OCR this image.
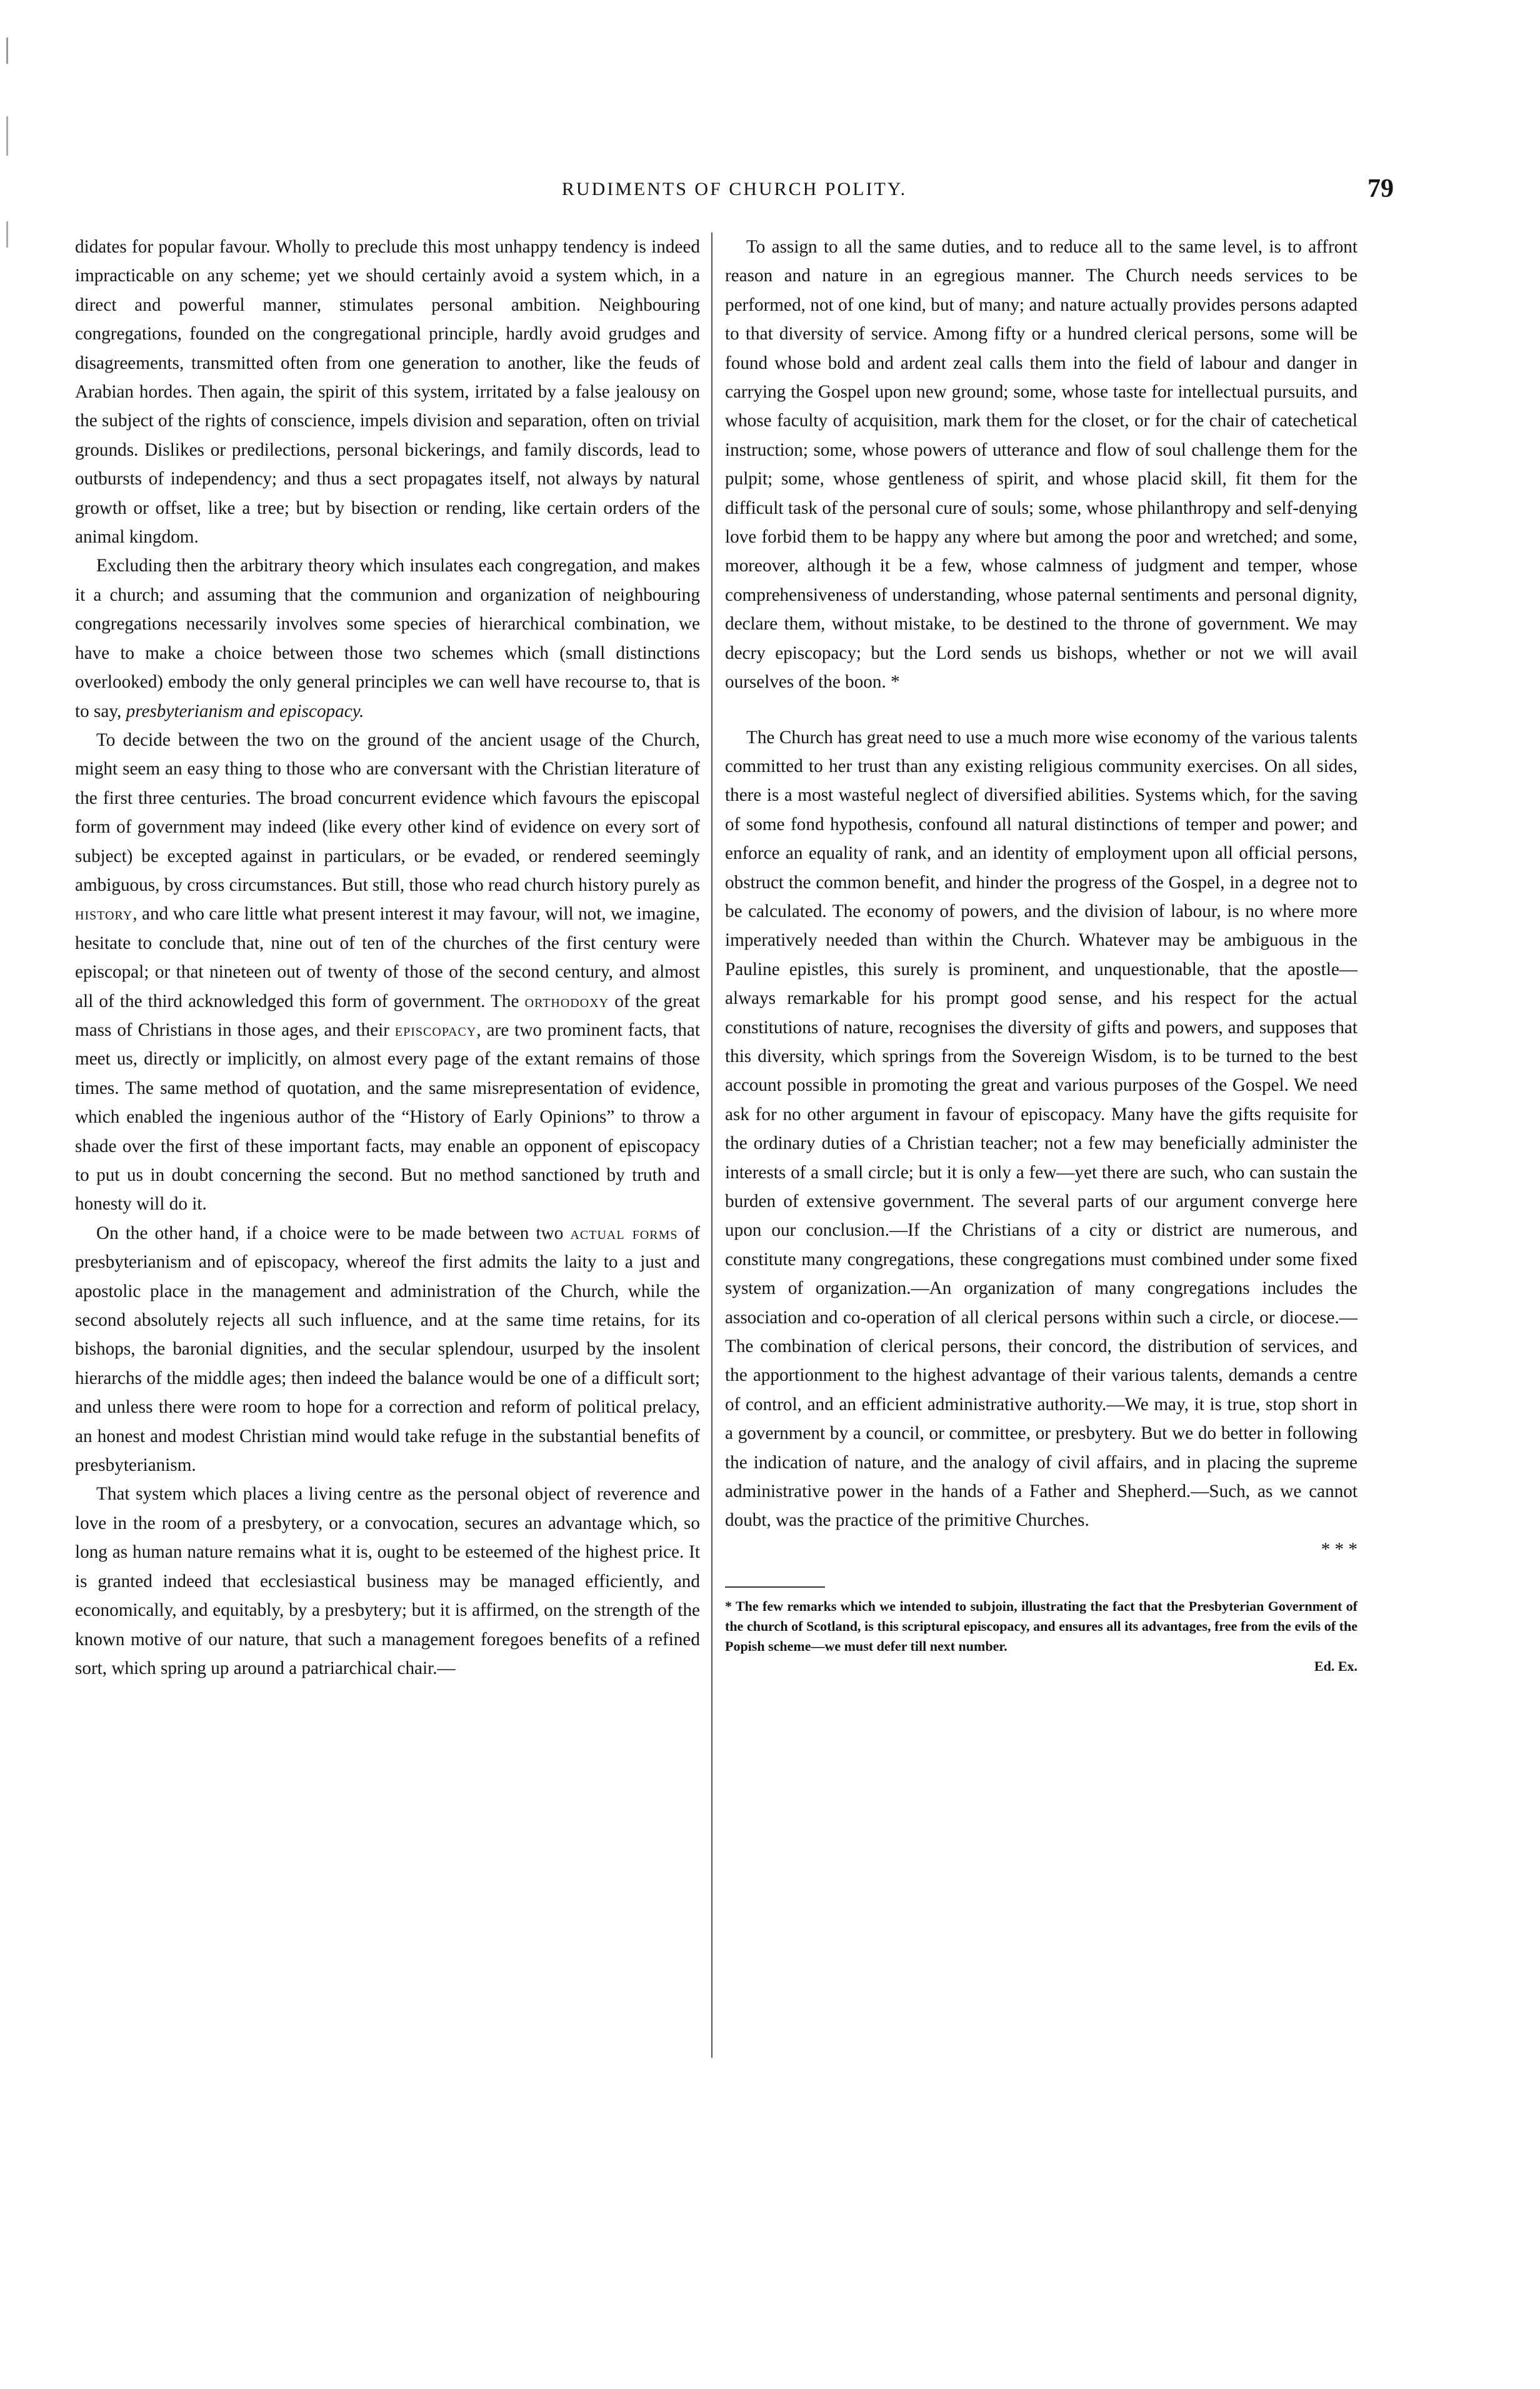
RUDIMENTS OF CHURCH POLITY.	79

didates for popular favour. Wholly to preclude this most unhappy tendency is indeed impracticable on any scheme; yet we should certainly avoid a system which, in a direct and powerful manner, stimulates personal ambition. Neighbouring congregations, founded on the congregational principle, hardly avoid grudges and disagreements, transmitted often from one generation to another, like the feuds of Arabian hordes. Then again, the spirit of this system, irritated by a false jealousy on the subject of the rights of conscience, impels division and separation, often on trivial grounds. Dislikes or predilections, personal bickerings, and family discords, lead to outbursts of independency; and thus a sect propagates itself, not always by natural growth or offset, like a tree; but by bisection or rending, like certain orders of the animal kingdom.

Excluding then the arbitrary theory which insulates each congregation, and makes it a church; and assuming that the communion and organization of neighbouring congregations necessarily involves some species of hierarchical combination, we have to make a choice between those two schemes which (small distinctions overlooked) embody the only general principles we can well have recourse to, that is to say, presbyterianism and episcopacy.

To decide between the two on the ground of the ancient usage of the Church, might seem an easy thing to those who are conversant with the Christian literature of the first three centuries. The broad concurrent evidence which favours the episcopal form of government may indeed (like every other kind of evidence on every sort of subject) be excepted against in particulars, or be evaded, or rendered seemingly ambiguous, by cross circumstances. But still, those who read church history purely as history, and who care little what present interest it may favour, will not, we imagine, hesitate to conclude that, nine out of ten of the churches of the first century were episcopal; or that nineteen out of twenty of those of the second century, and almost all of the third acknowledged this form of government. The orthodoxy of the great mass of Christians in those ages, and their episcopacy, are two prominent facts, that meet us, directly or implicitly, on almost every page of the extant remains of those times. The same method of quotation, and the same misrepresentation of evidence, which enabled the ingenious author of the “History of Early Opinions” to throw a shade over the first of these important facts, may enable an opponent of episcopacy to put us in doubt concerning the second. But no method sanctioned by truth and honesty will do it.

On the other hand, if a choice were to be made between two actual forms of presbyterianism and of episcopacy, whereof the first admits the laity to a just and apostolic place in the management and administration of the Church, while the second absolutely rejects all such influence, and at the same time retains, for its bishops, the baronial dignities, and the secular splendour, usurped by the insolent hierarchs of the middle ages; then indeed the balance would be one of a difficult sort; and unless there were room to hope for a correction and reform of political prelacy, an honest and modest Christian mind would take refuge in the substantial benefits of presbyterianism.

That system which places a living centre as the personal object of reverence and love in the room of a presbytery, or a convocation, secures an advantage which, so long as human nature remains what it is, ought to be esteemed of the highest price. It is granted indeed that ecclesiastical business may be managed efficiently, and economically, and equitably, by a presbytery; but it is affirmed, on the strength of the known motive of our nature, that such a management foregoes benefits of a refined sort, which spring up around a patriarchical chair.—

To assign to all the same duties, and to reduce all to the same level, is to affront reason and nature in an egregious manner. The Church needs services to be performed, not of one kind, but of many; and nature actually provides persons adapted to that diversity of service. Among fifty or a hundred clerical persons, some will be found whose bold and ardent zeal calls them into the field of labour and danger in carrying the Gospel upon new ground; some, whose taste for intellectual pursuits, and whose faculty of acquisition, mark them for the closet, or for the chair of catechetical instruction; some, whose powers of utterance and flow of soul challenge them for the pulpit; some, whose gentleness of spirit, and whose placid skill, fit them for the difficult task of the personal cure of souls; some, whose philanthropy and self-denying love forbid them to be happy any where but among the poor and wretched; and some, moreover, although it be a few, whose calmness of judgment and temper, whose comprehensiveness of understanding, whose paternal sentiments and personal dignity, declare them, without mistake, to be destined to the throne of government. We may decry episcopacy; but the Lord sends us bishops, whether or not we will avail ourselves of the boon. *

The Church has great need to use a much more wise economy of the various talents committed to her trust than any existing religious community exercises. On all sides, there is a most wasteful neglect of diversified abilities. Systems which, for the saving of some fond hypothesis, confound all natural distinctions of temper and power; and enforce an equality of rank, and an identity of employment upon all official persons, obstruct the common benefit, and hinder the progress of the Gospel, in a degree not to be calculated. The economy of powers, and the division of labour, is no where more imperatively needed than within the Church. Whatever may be ambiguous in the Pauline epistles, this surely is prominent, and unquestionable, that the apostle—always remarkable for his prompt good sense, and his respect for the actual constitutions of nature, recognises the diversity of gifts and powers, and supposes that this diversity, which springs from the Sovereign Wisdom, is to be turned to the best account possible in promoting the great and various purposes of the Gospel. We need ask for no other argument in favour of episcopacy. Many have the gifts requisite for the ordinary duties of a Christian teacher; not a few may beneficially administer the interests of a small circle; but it is only a few—yet there are such, who can sustain the burden of extensive government. The several parts of our argument converge here upon our conclusion.—If the Christians of a city or district are numerous, and constitute many congregations, these congregations must combined under some fixed system of organization.—An organization of many congregations includes the association and co-operation of all clerical persons within such a circle, or diocese.—The combination of clerical persons, their concord, the distribution of services, and the apportionment to the highest advantage of their various talents, demands a centre of control, and an efficient administrative authority.—We may, it is true, stop short in a government by a council, or committee, or presbytery. But we do better in following the indication of nature, and the analogy of civil affairs, and in placing the supreme administrative power in the hands of a Father and Shepherd.—Such, as we cannot doubt, was the practice of the primitive Churches.

* * *

* The few remarks which we intended to subjoin, illustrating the fact that the Presbyterian Government of the church of Scotland, is this scriptural episcopacy, and ensures all its advantages, free from the evils of the Popish scheme—we must defer till next number.

Ed. Ex.
